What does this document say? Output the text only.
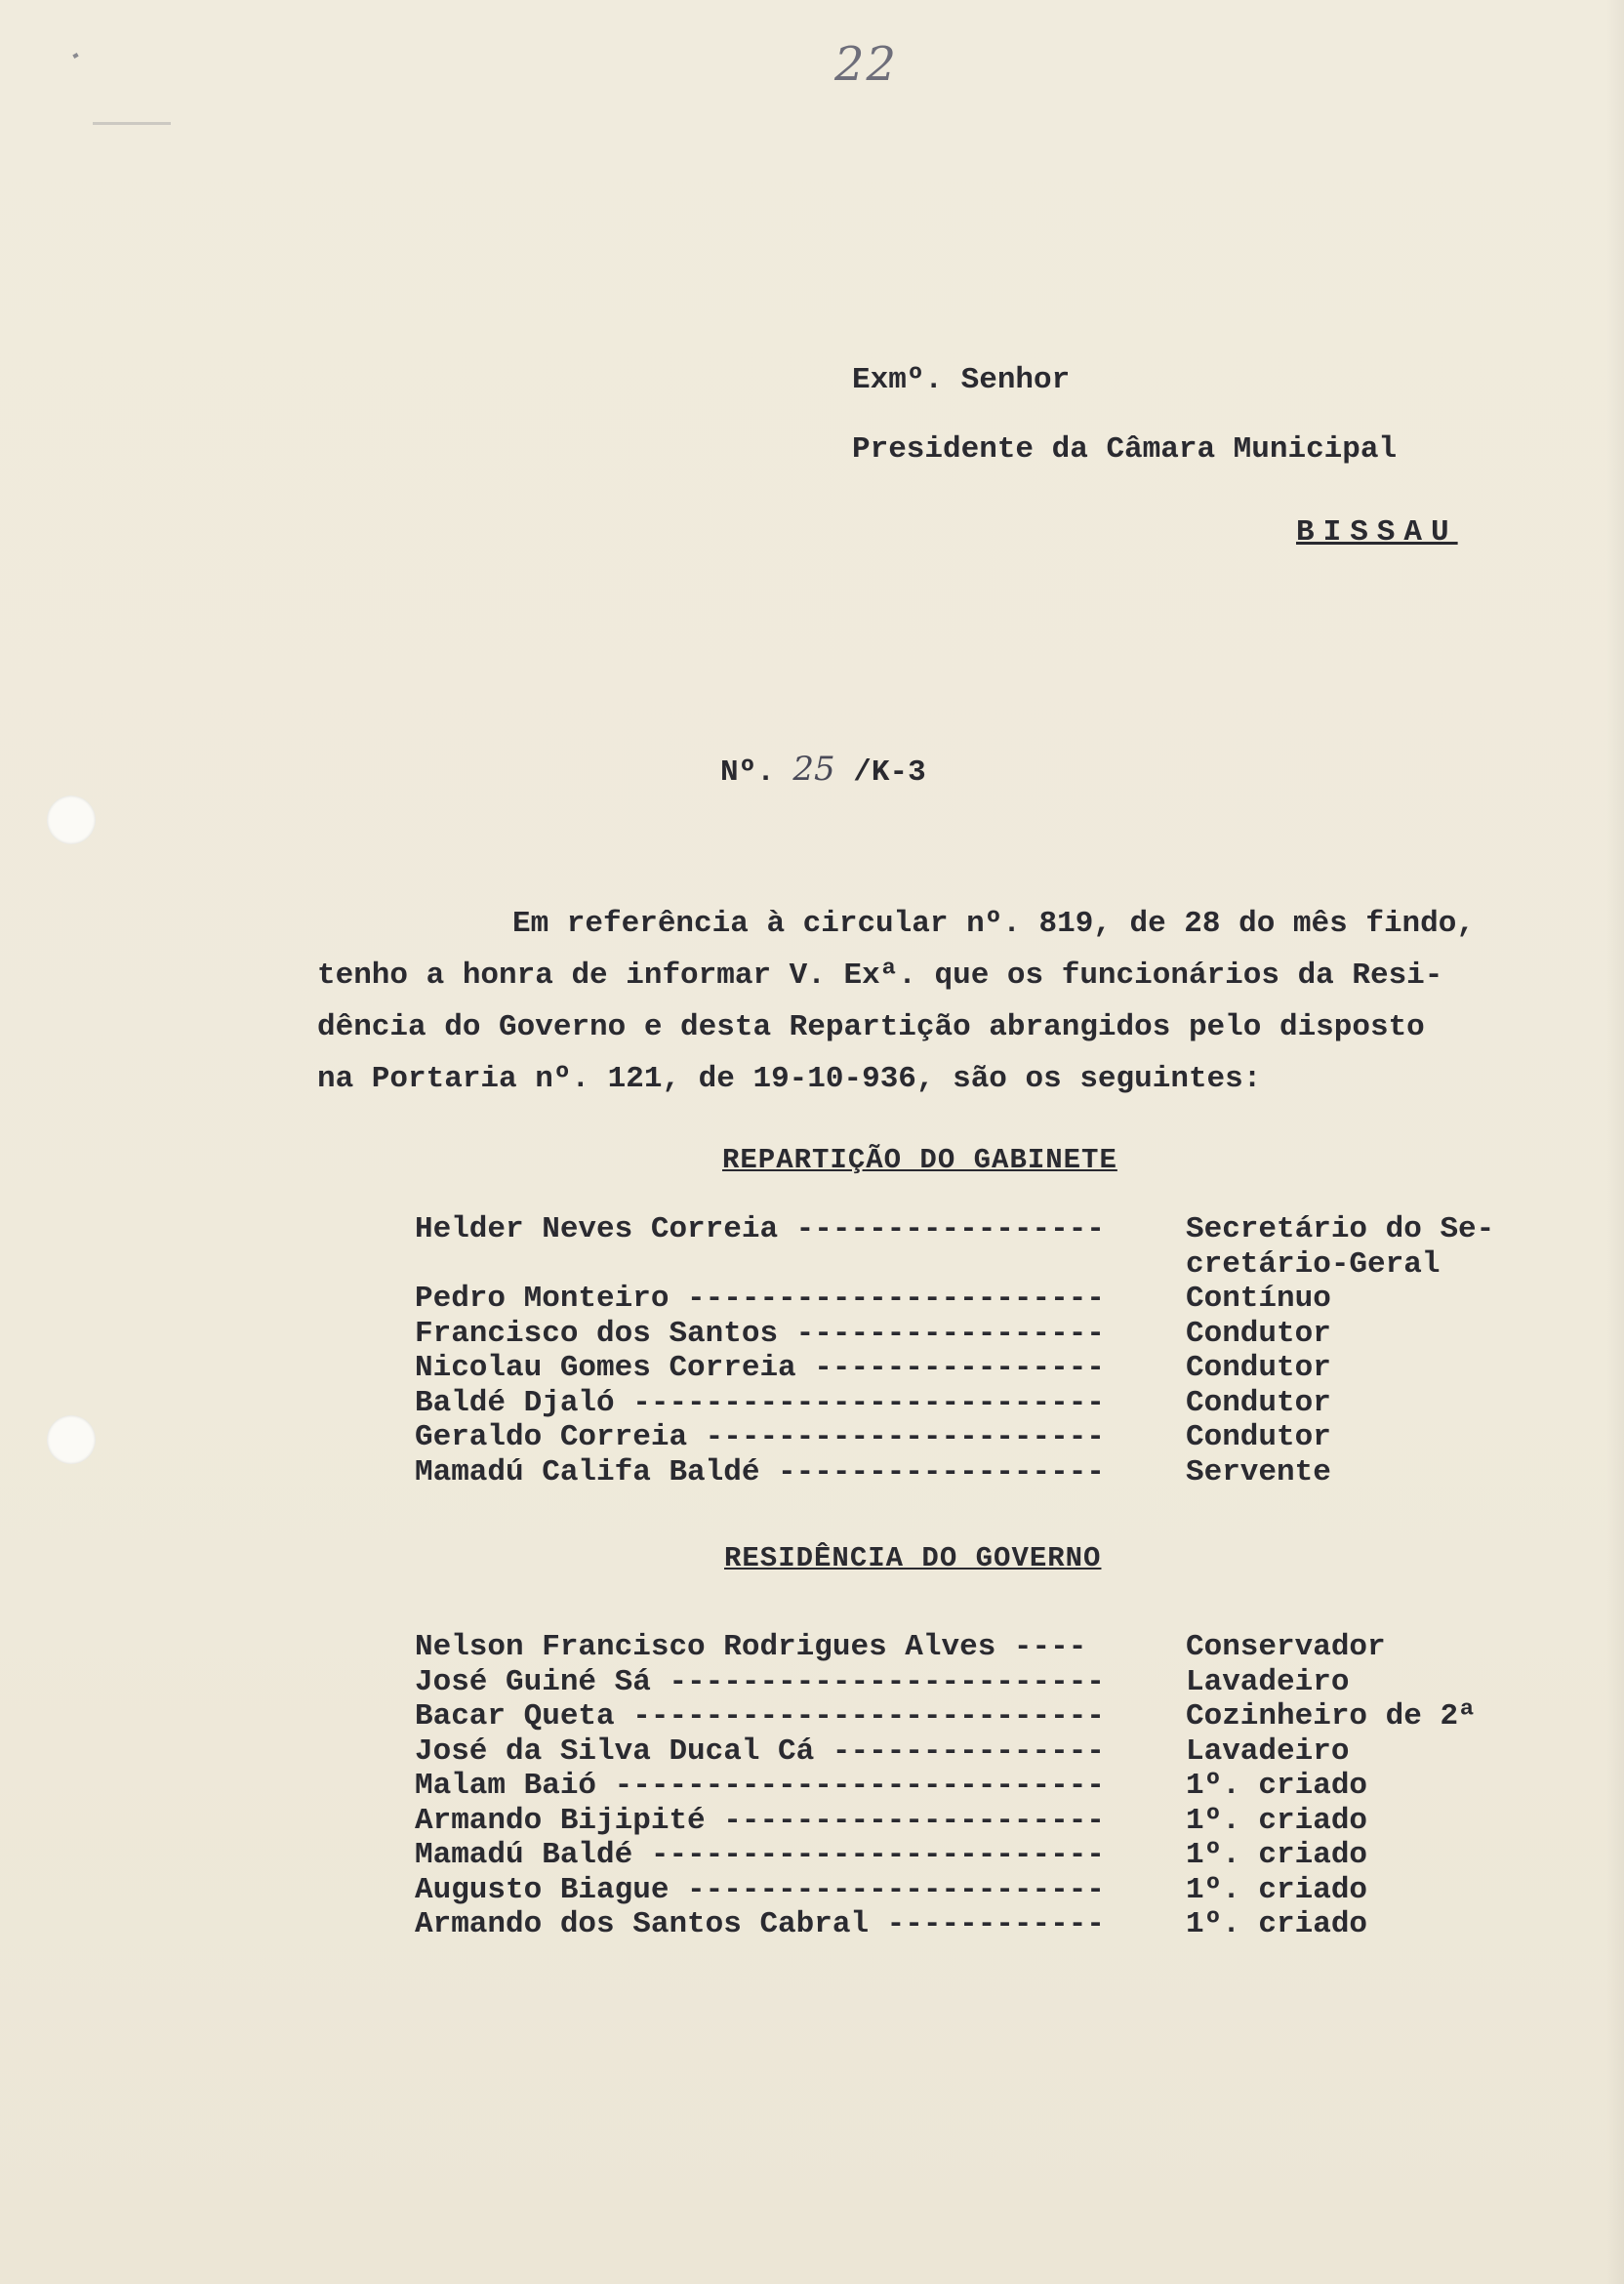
22
Exmº. Senhor
Presidente da Câmara Municipal
BISSAU
Nº. 25 /K-3
Em referência à circular nº. 819, de 28 do mês findo,
tenho a honra de informar V. Exª. que os funcionários da Resi-
dência do Governo e desta Repartição abrangidos pelo disposto
na Portaria nº. 121, de 19-10-936, são os seguintes:
REPARTIÇÃO DO GABINETE
Helder Neves Correia -----------------	Secretário do Se-
cretário-Geral
Pedro Monteiro -----------------------	Contínuo
Francisco dos Santos -----------------	Condutor
Nicolau Gomes Correia ----------------	Condutor
Baldé Djaló --------------------------	Condutor
Geraldo Correia ----------------------	Condutor
Mamadú Califa Baldé ------------------	Servente
RESIDÊNCIA DO GOVERNO
Nelson Francisco Rodrigues Alves ----	Conservador
José Guiné Sá ------------------------	Lavadeiro
Bacar Queta --------------------------	Cozinheiro de 2ª
José da Silva Ducal Cá ---------------	Lavadeiro
Malam Baió ---------------------------	1º. criado
Armando Bijipité ---------------------	1º. criado
Mamadú Baldé -------------------------	1º. criado
Augusto Biague -----------------------	1º. criado
Armando dos Santos Cabral ------------	1º. criado
